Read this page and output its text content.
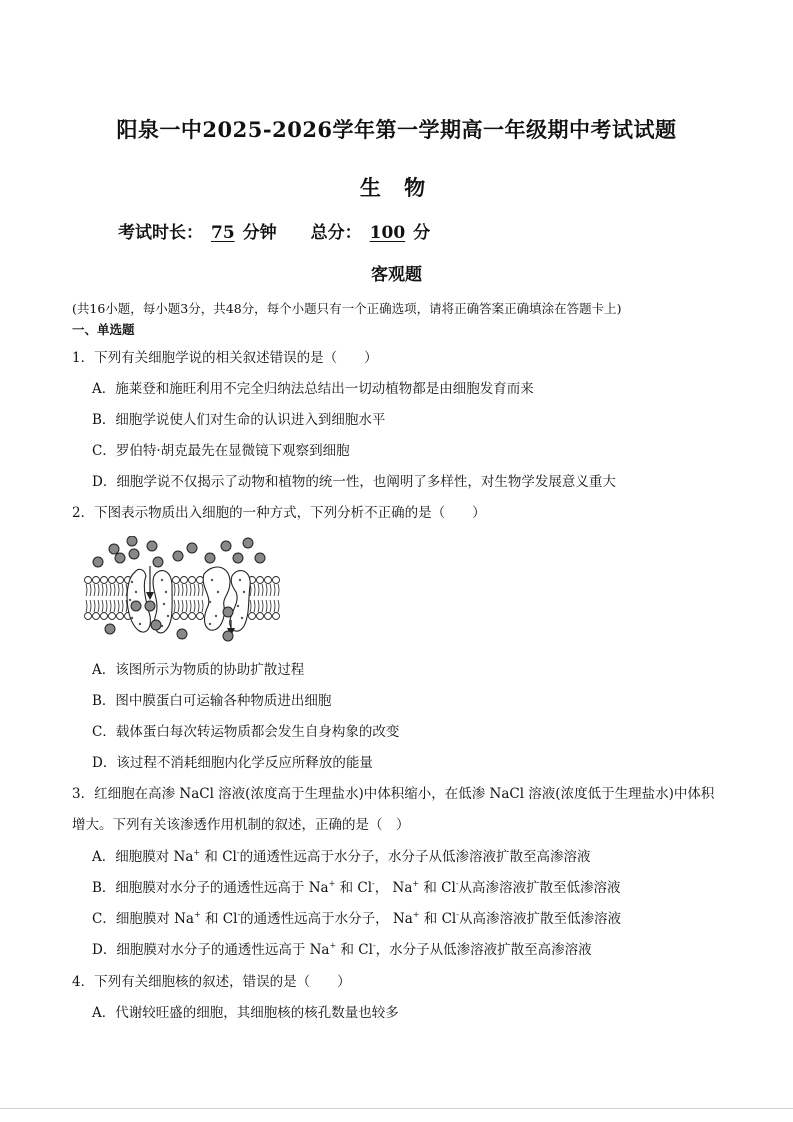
阳泉一中2025-2026学年第一学期高一年级期中考试试题
生 物
考试时长： 75 分钟 总分： 100 分
客观题
(共16小题，每小题3分，共48分，每个小题只有一个正确选项，请将正确答案正确填涂在答题卡上)
一、单选题
1．下列有关细胞学说的相关叙述错误的是（　　）
A．施莱登和施旺利用不完全归纳法总结出一切动植物都是由细胞发育而来
B．细胞学说使人们对生命的认识进入到细胞水平
C．罗伯特·胡克最先在显微镜下观察到细胞
D．细胞学说不仅揭示了动物和植物的统一性，也阐明了多样性，对生物学发展意义重大
2．下图表示物质出入细胞的一种方式，下列分析不正确的是（　　）
A．该图所示为物质的协助扩散过程
B．图中膜蛋白可运输各种物质进出细胞
C．载体蛋白每次转运物质都会发生自身构象的改变
D．该过程不消耗细胞内化学反应所释放的能量
3．红细胞在高渗 NaCl 溶液(浓度高于生理盐水)中体积缩小，在低渗 NaCl 溶液(浓度低于生理盐水)中体积
增大。下列有关该渗透作用机制的叙述，正确的是（　）
A．细胞膜对 Na+ 和 Cl-的通透性远高于水分子，水分子从低渗溶液扩散至高渗溶液
B．细胞膜对水分子的通透性远高于 Na+ 和 Cl-， Na+ 和 Cl-从高渗溶液扩散至低渗溶液
C．细胞膜对 Na+ 和 Cl-的通透性远高于水分子， Na+ 和 Cl-从高渗溶液扩散至低渗溶液
D．细胞膜对水分子的通透性远高于 Na+ 和 Cl-，水分子从低渗溶液扩散至高渗溶液
4．下列有关细胞核的叙述，错误的是（　　）
A．代谢较旺盛的细胞，其细胞核的核孔数量也较多
